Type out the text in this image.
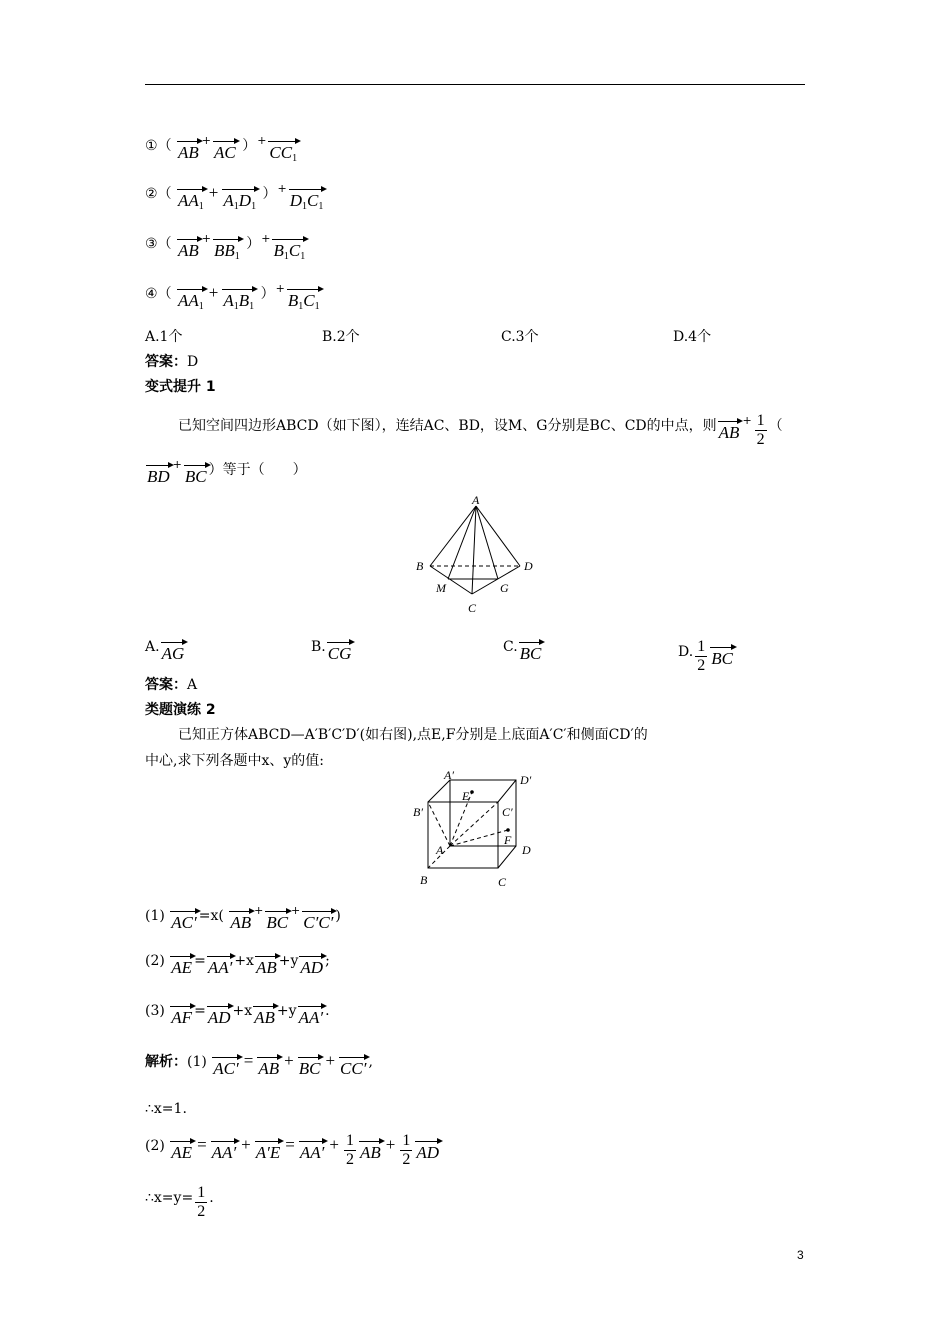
①（ AB+AC ）+CC1
②（ AA1+ A1D1 ）+D1C1
③（ AB+BB1 ）+B1C1
④（ AA1+ A1B1 ）+B1C1
A.1个	B.2个	C.3个	D.4个
答案：D
变式提升 1
已知空间四边形ABCD（如下图），连结AC、BD，设M、G分别是BC、CD的中点，则 $AB^+ \frac{1}{2}$ （
BD+BC ）等于（　　）
A
B	D
C
M	G
A. AG	B. CG	C. BC	D. $\frac{1}{2}$ BC
答案：A
类题演练 2
已知正方体ABCD—A′B′C′D′(如右图),点E,F分别是上底面A′C′和侧面CD′的
中心,求下列各题中x、y的值:
A′	D′
B′	C′
E
F
A	D
B	C
(1) AC′ =x( AB+BC+C′C′ )
(2) AE = AA′ +x AB +y AD ;
(3) AF = AD +x AB +y AA′ .
解析：(1) AC′ = AB + BC + CC′ ,
∴x=1.
(2) AE = $AA' + A'E = AA' + \frac{1}{2}$ AB + $\frac{1}{2}$ AD
∴x=y= $\frac{1}{2}$ .
3
